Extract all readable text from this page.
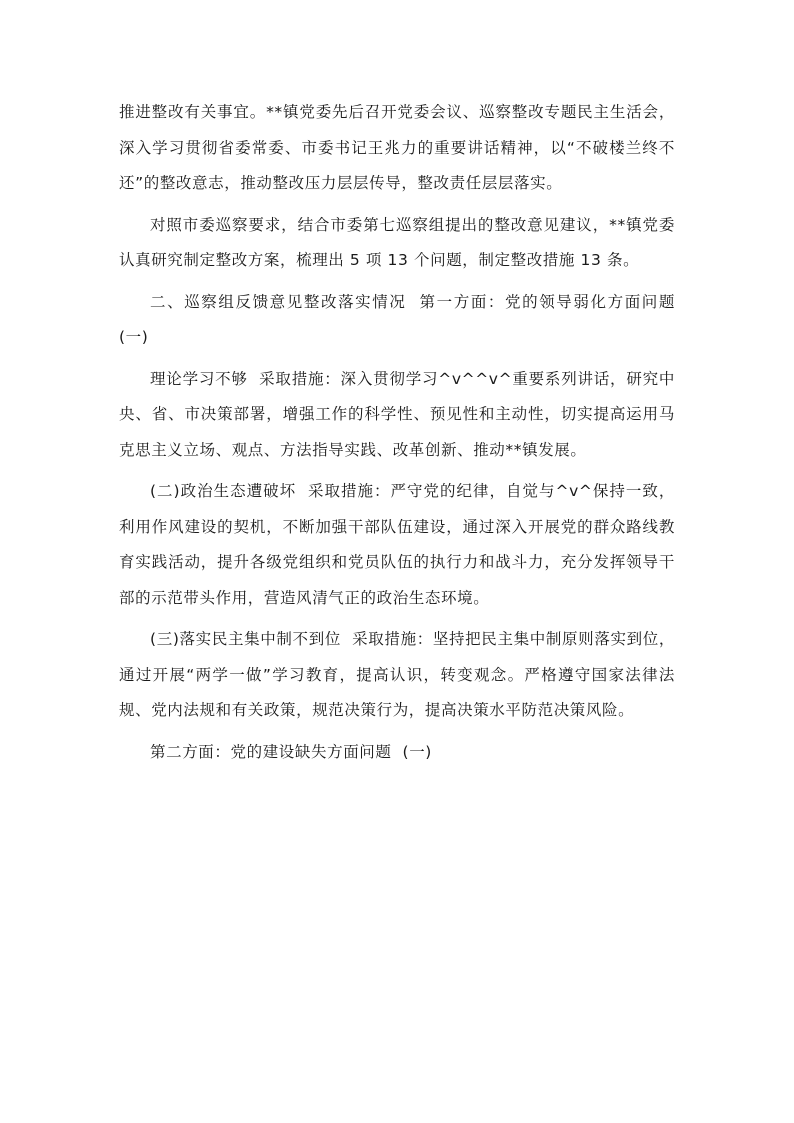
推进整改有关事宜。**镇党委先后召开党委会议、巡察整改专题民主生活会，深入学习贯彻省委常委、市委书记王兆力的重要讲话精神，以“不破楼兰终不还”的整改意志，推动整改压力层层传导，整改责任层层落实。

对照市委巡察要求，结合市委第七巡察组提出的整改意见建议，**镇党委认真研究制定整改方案，梳理出 5 项 13 个问题，制定整改措施 13 条。

二、巡察组反馈意见整改落实情况  第一方面：党的领导弱化方面问题  (一)

理论学习不够  采取措施：深入贯彻学习^v^^v^重要系列讲话，研究中央、省、市决策部署，增强工作的科学性、预见性和主动性，切实提高运用马克思主义立场、观点、方法指导实践、改革创新、推动**镇发展。

(二)政治生态遭破坏  采取措施：严守党的纪律，自觉与^v^保持一致，利用作风建设的契机，不断加强干部队伍建设，通过深入开展党的群众路线教育实践活动，提升各级党组织和党员队伍的执行力和战斗力，充分发挥领导干部的示范带头作用，营造风清气正的政治生态环境。

(三)落实民主集中制不到位  采取措施：坚持把民主集中制原则落实到位，通过开展“两学一做”学习教育，提高认识，转变观念。严格遵守国家法律法规、党内法规和有关政策，规范决策行为，提高决策水平防范决策风险。

第二方面：党的建设缺失方面问题  (一)
